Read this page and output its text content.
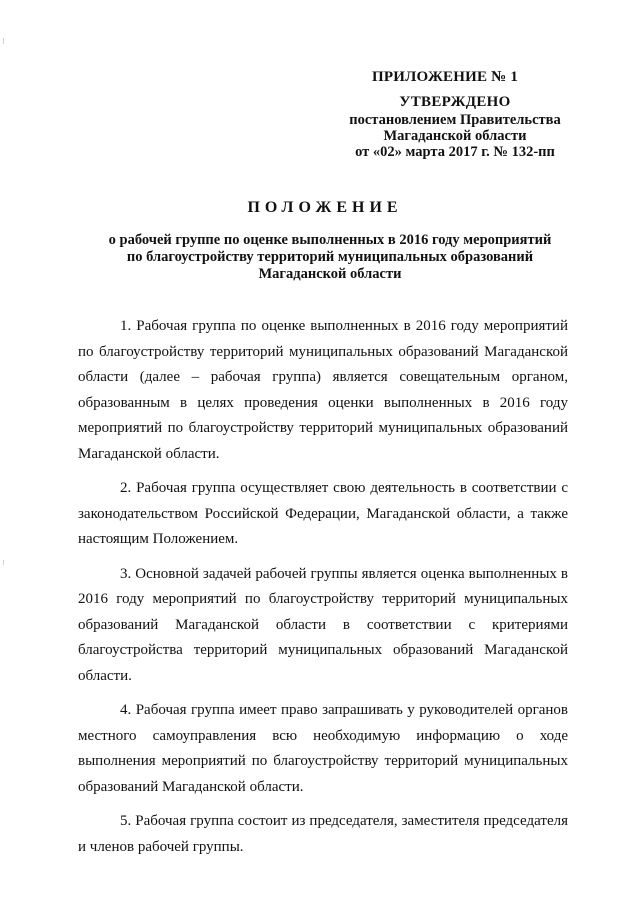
ПРИЛОЖЕНИЕ № 1
УТВЕРЖДЕНО
постановлением Правительства
Магаданской области
от «02» марта 2017 г. № 132-пп
ПОЛОЖЕНИЕ
о рабочей группе по оценке выполненных в 2016 году мероприятий
по благоустройству территорий муниципальных образований
Магаданской области

1. Рабочая группа по оценке выполненных в 2016 году мероприятий по благоустройству территорий муниципальных образований Магаданской области (далее – рабочая группа) является совещательным органом, образованным в целях проведения оценки выполненных в 2016 году мероприятий по благоустройству территорий муниципальных образований Магаданской области.

2. Рабочая группа осуществляет свою деятельность в соответствии с законодательством Российской Федерации, Магаданской области, а также настоящим Положением.

3. Основной задачей рабочей группы является оценка выполненных в 2016 году мероприятий по благоустройству территорий муниципальных образований Магаданской области в соответствии с критериями благоустройства территорий муниципальных образований Магаданской области.

4. Рабочая группа имеет право запрашивать у руководителей органов местного самоуправления всю необходимую информацию о ходе выполнения мероприятий по благоустройству территорий муниципальных образований Магаданской области.

5. Рабочая группа состоит из председателя, заместителя председателя и членов рабочей группы.
